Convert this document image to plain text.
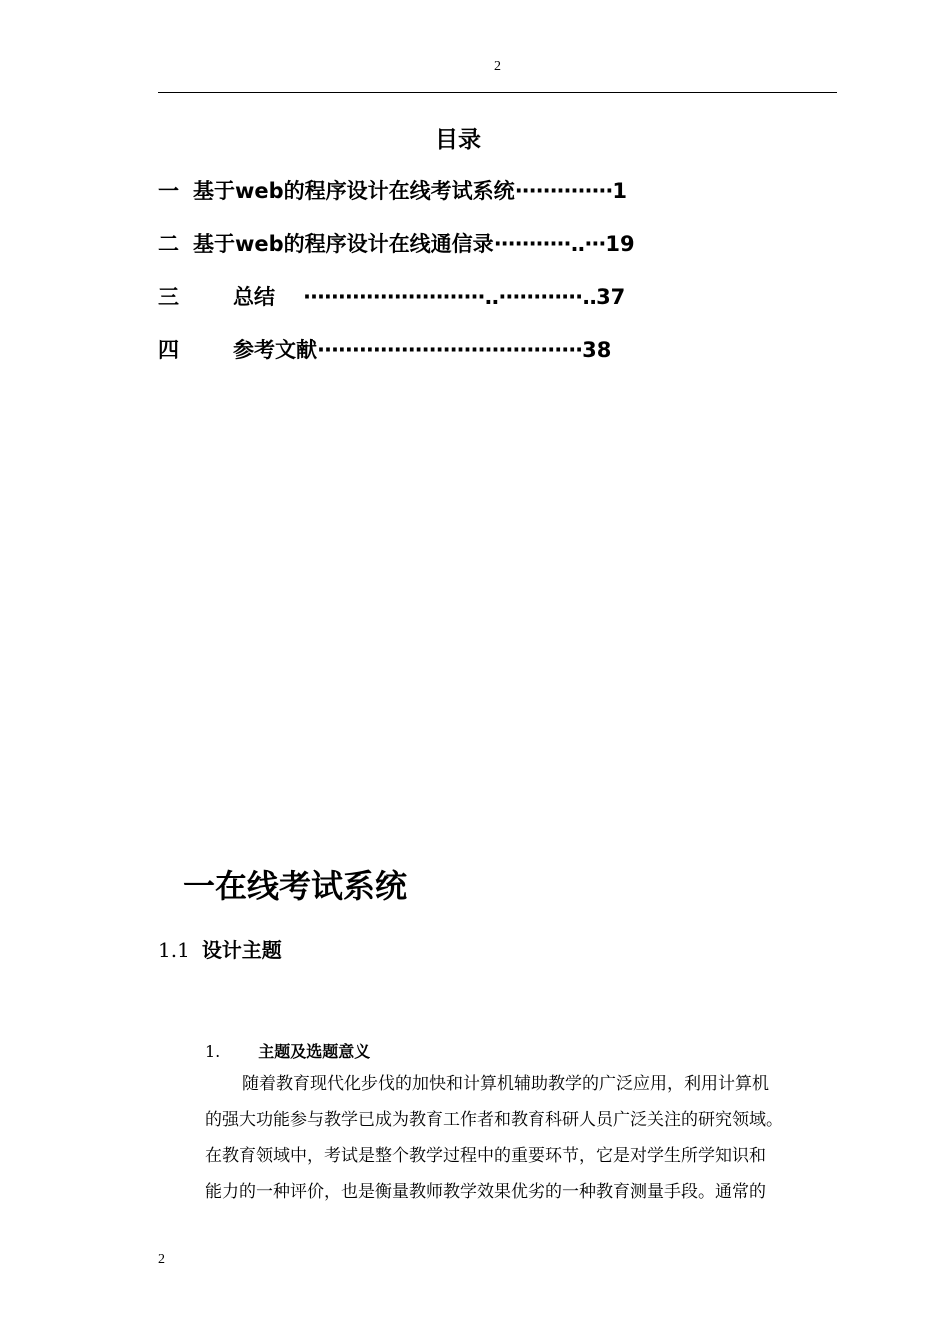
2
目录
一 基于web的程序设计在线考试系统··············1
二 基于web的程序设计在线通信录···········..···19
三	总结 ··························..············..37
四	参考文献······································38
一在线考试系统
1.1 设计主题
1. 主题及选题意义
随着教育现代化步伐的加快和计算机辅助教学的广泛应用，利用计算机
的强大功能参与教学已成为教育工作者和教育科研人员广泛关注的研究领域。
在教育领域中，考试是整个教学过程中的重要环节，它是对学生所学知识和
能力的一种评价，也是衡量教师教学效果优劣的一种教育测量手段。通常的
2
